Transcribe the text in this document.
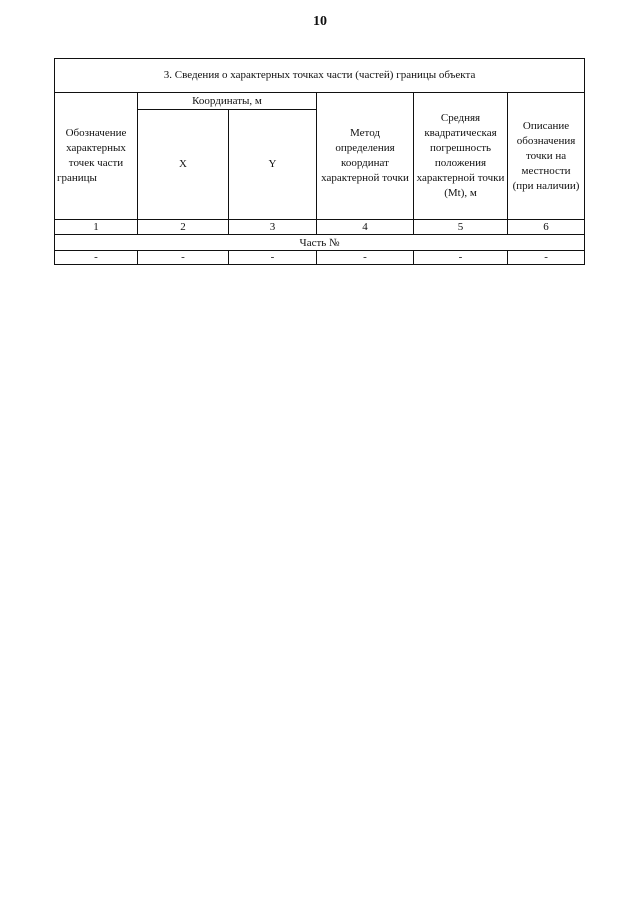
10
3. Сведения о характерных точках части (частей) границы объекта					
Обозначение характерных точек части границы	Координаты, м		Метод определения координат характерной точки	Средняя квадратическая погрешность положения характерной точки (Mt), м	Описание обозначения точки на местности (при наличии)
	X	Y			
1	2	3	4	5	6
Часть №					
-	-	-	-	-	-
